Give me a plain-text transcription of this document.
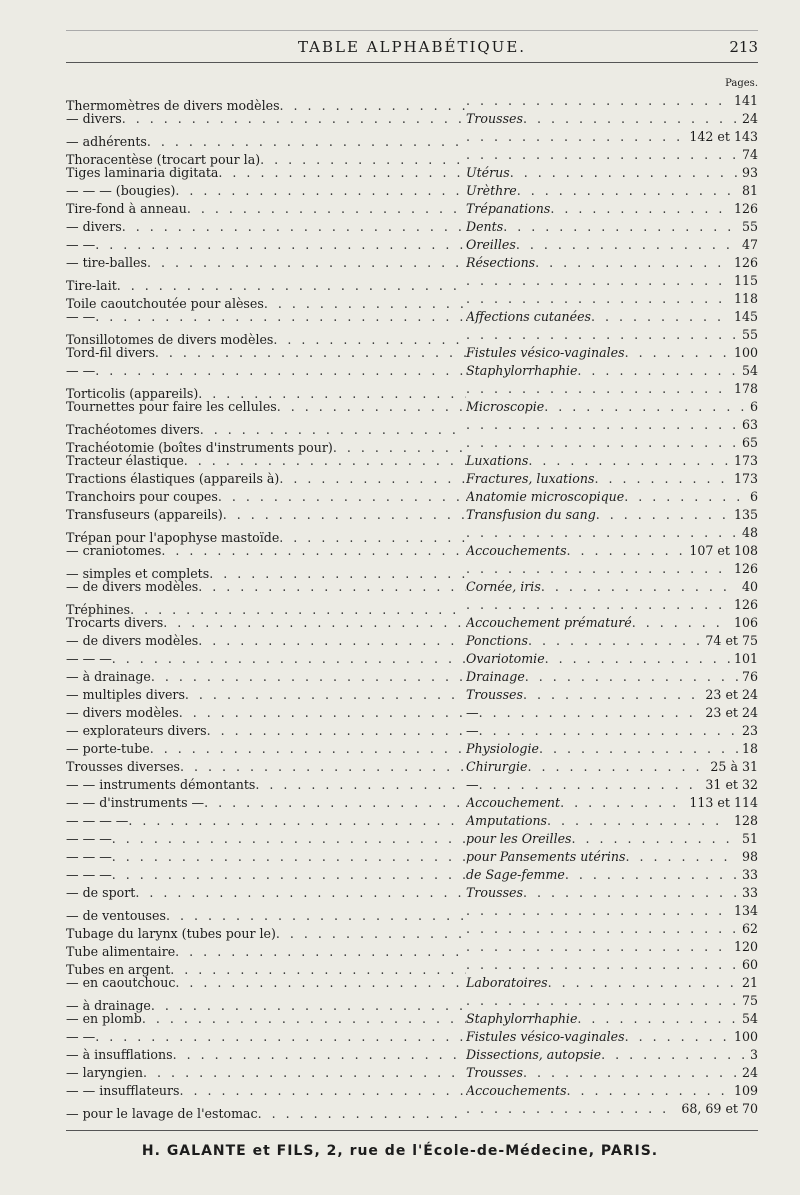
TABLE ALPHABÉTIQUE.	213
Pages.
Thermomètres de divers modèles . . . . . .	141
— divers . . .	Trousses . . .	24
— adhérents . . . . . .	142 et 143
Thoracentèse (trocart pour la) . . . . . .	74
Tiges laminaria digitata . . .	Utérus . . .	93
— — — (bougies) . . .	Urèthre . . .	81
Tire-fond à anneau . . .	Trépanations . . .	126
— divers . . .	Dents . . .	55
— — . . .	Oreilles . . .	47
— tire-balles . . .	Résections . . .	126
Tire-lait . . . . . .	115
Toile caoutchoutée pour alèses . . . . . .	118
— — . . .	Affections cutanées . . .	145
Tonsillotomes de divers modèles . . . . . .	55
Tord-fil divers . . .	Fistules vésico-vaginales . . .	100
— — . . .	Staphylorrhaphie . . .	54
Torticolis (appareils) . . . . . .	178
Tournettes pour faire les cellules . . .	Microscopie . . .	6
Trachéotomes divers . . . . . .	63
Trachéotomie (boîtes d'instruments pour) . . . . . .	65
Tracteur élastique . . .	Luxations . . .	173
Tractions élastiques (appareils à) . . .	Fractures, luxations . . .	173
Tranchoirs pour coupes . . .	Anatomie microscopique . . .	6
Transfuseurs (appareils) . . .	Transfusion du sang . . .	135
Trépan pour l'apophyse mastoïde . . . . . .	48
— craniotomes . . .	Accouchements . . .	107 et 108
— simples et complets . . . . . .	126
— de divers modèles . . .	Cornée, iris . . .	40
Tréphines . . . . . .	126
Trocarts divers . . .	Accouchement prématuré . . .	106
— de divers modèles . . .	Ponctions . . .	74 et 75
— — — . . .	Ovariotomie . . .	101
— à drainage . . .	Drainage . . .	76
— multiples divers . . .	Trousses . . .	23 et 24
— divers modèles . . .	— . . .	23 et 24
— explorateurs divers . . .	— . . .	23
— porte-tube . . .	Physiologie . . .	18
Trousses diverses . . .	Chirurgie . . .	25 à 31
— — instruments démontants . . .	— . . .	31 et 32
— — d'instruments — . . .	Accouchement . . .	113 et 114
— — — — . . .	Amputations . . .	128
— — — . . .	pour les Oreilles . . .	51
— — — . . .	pour Pansements utérins . . .	98
— — — . . .	de Sage-femme . . .	33
— de sport . . .	Trousses . . .	33
— de ventouses . . . . . .	134
Tubage du larynx (tubes pour le) . . . . . .	62
Tube alimentaire . . . . . .	120
Tubes en argent . . . . . .	60
— en caoutchouc . . .	Laboratoires . . .	21
— à drainage . . . . . .	75
— en plomb . . .	Staphylorrhaphie . . .	54
— — . . .	Fistules vésico-vaginales . . .	100
— à insufflations . . .	Dissections, autopsie . . .	3
— laryngien . . .	Trousses . . .	24
— — insufflateurs . . .	Accouchements . . .	109
— pour le lavage de l'estomac . . . . . .	68, 69 et 70
H. GALANTE et FILS, 2, rue de l'École-de-Médecine, PARIS.
